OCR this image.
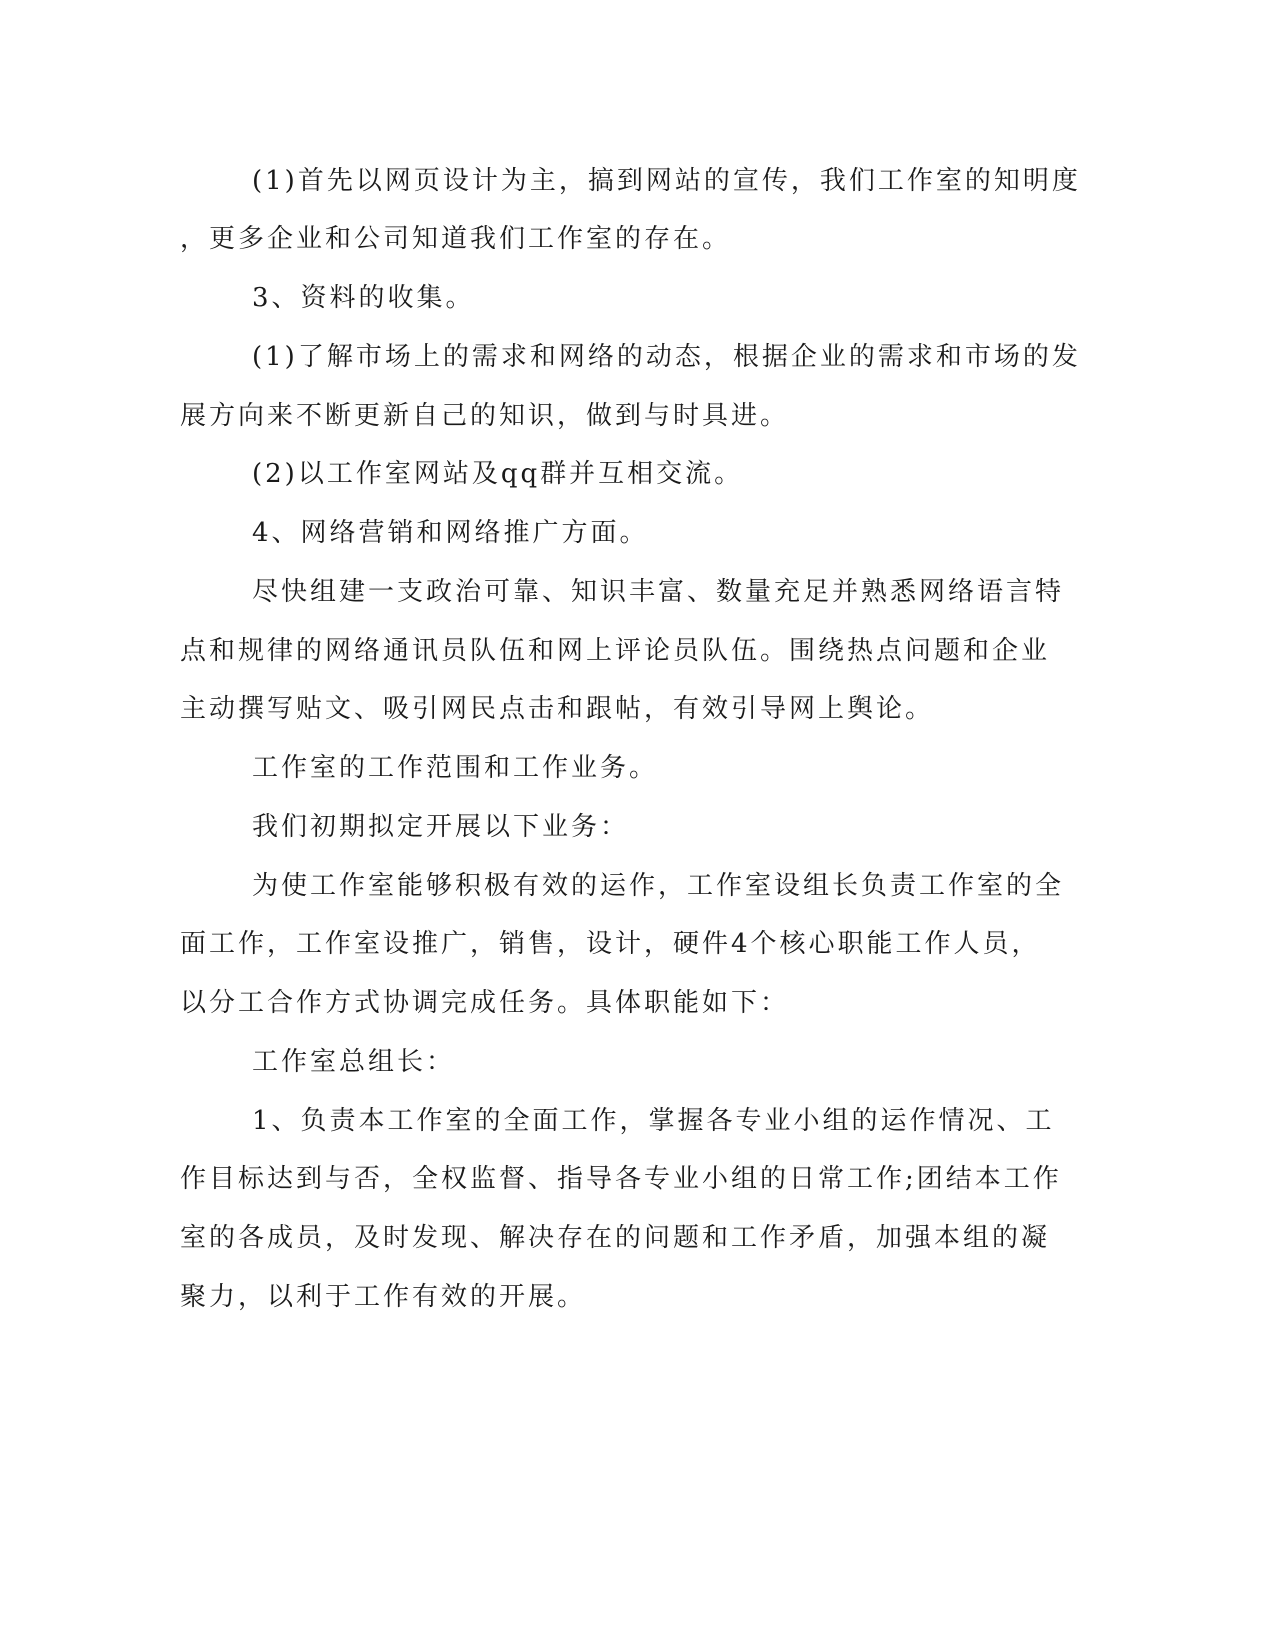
(1)首先以网页设计为主，搞到网站的宣传，我们工作室的知明度
，更多企业和公司知道我们工作室的存在。
3、资料的收集。
(1)了解市场上的需求和网络的动态，根据企业的需求和市场的发
展方向来不断更新自己的知识，做到与时具进。
(2)以工作室网站及qq群并互相交流。
4、网络营销和网络推广方面。
尽快组建一支政治可靠、知识丰富、数量充足并熟悉网络语言特
点和规律的网络通讯员队伍和网上评论员队伍。围绕热点问题和企业
主动撰写贴文、吸引网民点击和跟帖，有效引导网上舆论。
工作室的工作范围和工作业务。
我们初期拟定开展以下业务：
为使工作室能够积极有效的运作，工作室设组长负责工作室的全
面工作，工作室设推广，销售，设计，硬件4个核心职能工作人员，
以分工合作方式协调完成任务。具体职能如下：
工作室总组长：
1、负责本工作室的全面工作，掌握各专业小组的运作情况、工
作目标达到与否，全权监督、指导各专业小组的日常工作;团结本工作
室的各成员，及时发现、解决存在的问题和工作矛盾，加强本组的凝
聚力，以利于工作有效的开展。
